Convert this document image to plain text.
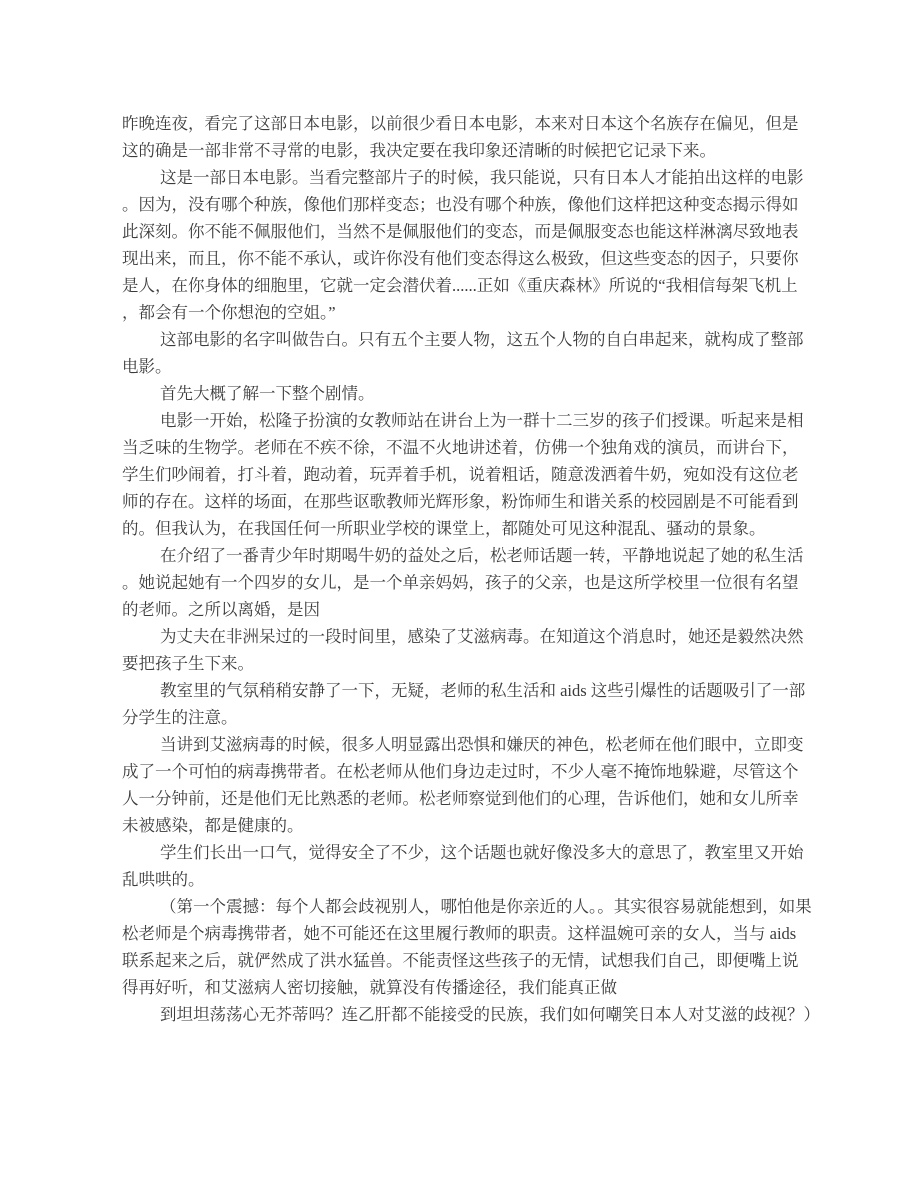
昨晚连夜，看完了这部日本电影，以前很少看日本电影，本来对日本这个名族存在偏见，但是这的确是一部非常不寻常的电影，我决定要在我印象还清晰的时候把它记录下来。

这是一部日本电影。当看完整部片子的时候，我只能说，只有日本人才能拍出这样的电影。因为，没有哪个种族，像他们那样变态；也没有哪个种族，像他们这样把这种变态揭示得如此深刻。你不能不佩服他们，当然不是佩服他们的变态，而是佩服变态也能这样淋漓尽致地表现出来，而且，你不能不承认，或许你没有他们变态得这么极致，但这些变态的因子，只要你是人，在你身体的细胞里，它就一定会潜伏着......正如《重庆森林》所说的“我相信每架飞机上，都会有一个你想泡的空姐。”

这部电影的名字叫做告白。只有五个主要人物，这五个人物的自白串起来，就构成了整部电影。

首先大概了解一下整个剧情。

电影一开始，松隆子扮演的女教师站在讲台上为一群十二三岁的孩子们授课。听起来是相当乏味的生物学。老师在不疾不徐，不温不火地讲述着，仿佛一个独角戏的演员，而讲台下，学生们吵闹着，打斗着，跑动着，玩弄着手机，说着粗话，随意泼洒着牛奶，宛如没有这位老师的存在。这样的场面，在那些讴歌教师光辉形象，粉饰师生和谐关系的校园剧是不可能看到的。但我认为，在我国任何一所职业学校的课堂上，都随处可见这种混乱、骚动的景象。

在介绍了一番青少年时期喝牛奶的益处之后，松老师话题一转，平静地说起了她的私生活。她说起她有一个四岁的女儿，是一个单亲妈妈，孩子的父亲，也是这所学校里一位很有名望的老师。之所以离婚，是因

为丈夫在非洲呆过的一段时间里，感染了艾滋病毒。在知道这个消息时，她还是毅然决然要把孩子生下来。

教室里的气氛稍稍安静了一下，无疑，老师的私生活和 aids 这些引爆性的话题吸引了一部分学生的注意。

当讲到艾滋病毒的时候，很多人明显露出恐惧和嫌厌的神色，松老师在他们眼中，立即变成了一个可怕的病毒携带者。在松老师从他们身边走过时，不少人毫不掩饰地躲避，尽管这个人一分钟前，还是他们无比熟悉的老师。松老师察觉到他们的心理，告诉他们，她和女儿所幸未被感染，都是健康的。

学生们长出一口气，觉得安全了不少，这个话题也就好像没多大的意思了，教室里又开始乱哄哄的。

（第一个震撼：每个人都会歧视别人，哪怕他是你亲近的人。。其实很容易就能想到，如果松老师是个病毒携带者，她不可能还在这里履行教师的职责。这样温婉可亲的女人，当与 aids 联系起来之后，就俨然成了洪水猛兽。不能责怪这些孩子的无情，试想我们自己，即便嘴上说得再好听，和艾滋病人密切接触，就算没有传播途径，我们能真正做

到坦坦荡荡心无芥蒂吗？连乙肝都不能接受的民族，我们如何嘲笑日本人对艾滋的歧视？）
